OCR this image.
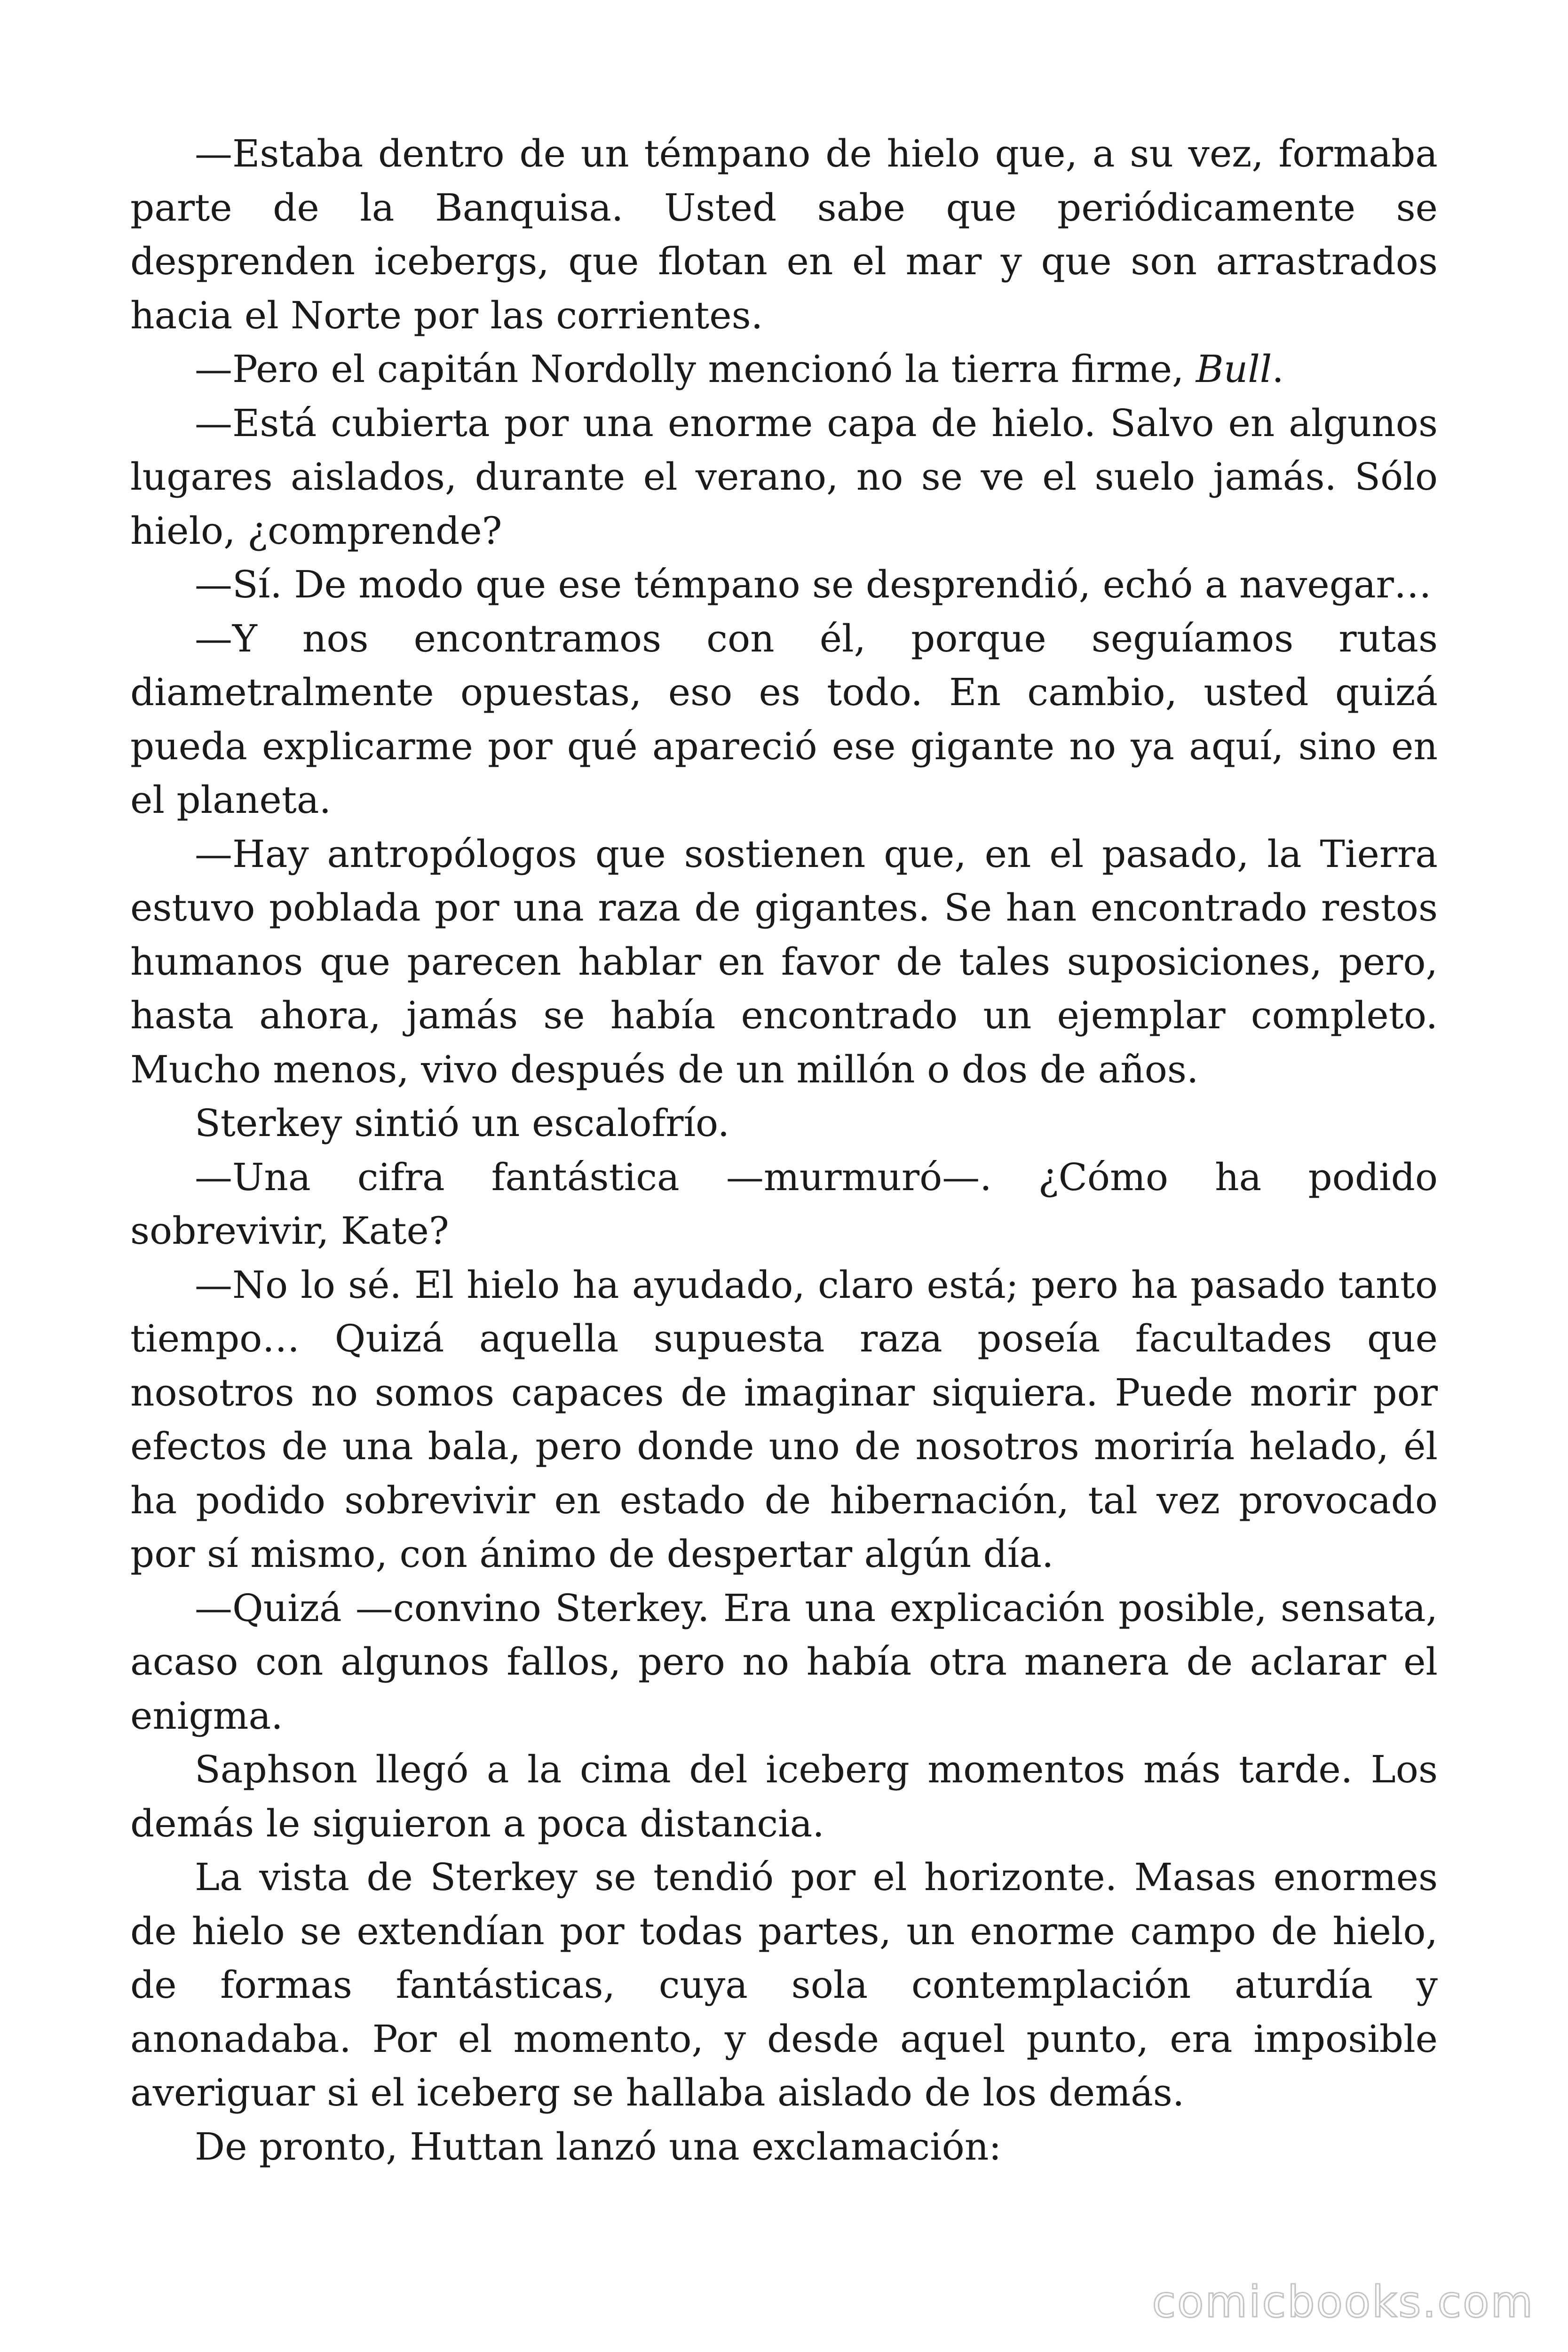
—Estaba dentro de un témpano de hielo que, a su vez, formaba parte de la Banquisa. Usted sabe que periódicamente se desprenden icebergs, que flotan en el mar y que son arrastrados hacia el Norte por las corrientes.

—Pero el capitán Nordolly mencionó la tierra firme, Bull.

—Está cubierta por una enorme capa de hielo. Salvo en algunos lugares aislados, durante el verano, no se ve el suelo jamás. Sólo hielo, ¿comprende?

—Sí. De modo que ese témpano se desprendió, echó a navegar…

—Y nos encontramos con él, porque seguíamos rutas diametralmente opuestas, eso es todo. En cambio, usted quizá pueda explicarme por qué apareció ese gigante no ya aquí, sino en el planeta.

—Hay antropólogos que sostienen que, en el pasado, la Tierra estuvo poblada por una raza de gigantes. Se han encontrado restos humanos que parecen hablar en favor de tales suposiciones, pero, hasta ahora, jamás se había encontrado un ejemplar completo. Mucho menos, vivo después de un millón o dos de años.

Sterkey sintió un escalofrío.

—Una cifra fantástica —murmuró—. ¿Cómo ha podido sobrevivir, Kate?

—No lo sé. El hielo ha ayudado, claro está; pero ha pasado tanto tiempo… Quizá aquella supuesta raza poseía facultades que nosotros no somos capaces de imaginar siquiera. Puede morir por efectos de una bala, pero donde uno de nosotros moriría helado, él ha podido sobrevivir en estado de hibernación, tal vez provocado por sí mismo, con ánimo de despertar algún día.

—Quizá —convino Sterkey. Era una explicación posible, sensata, acaso con algunos fallos, pero no había otra manera de aclarar el enigma.

Saphson llegó a la cima del iceberg momentos más tarde. Los demás le siguieron a poca distancia.

La vista de Sterkey se tendió por el horizonte. Masas enormes de hielo se extendían por todas partes, un enorme campo de hielo, de formas fantásticas, cuya sola contemplación aturdía y anonadaba. Por el momento, y desde aquel punto, era imposible averiguar si el iceberg se hallaba aislado de los demás.

De pronto, Huttan lanzó una exclamación:

comicbooks.com
